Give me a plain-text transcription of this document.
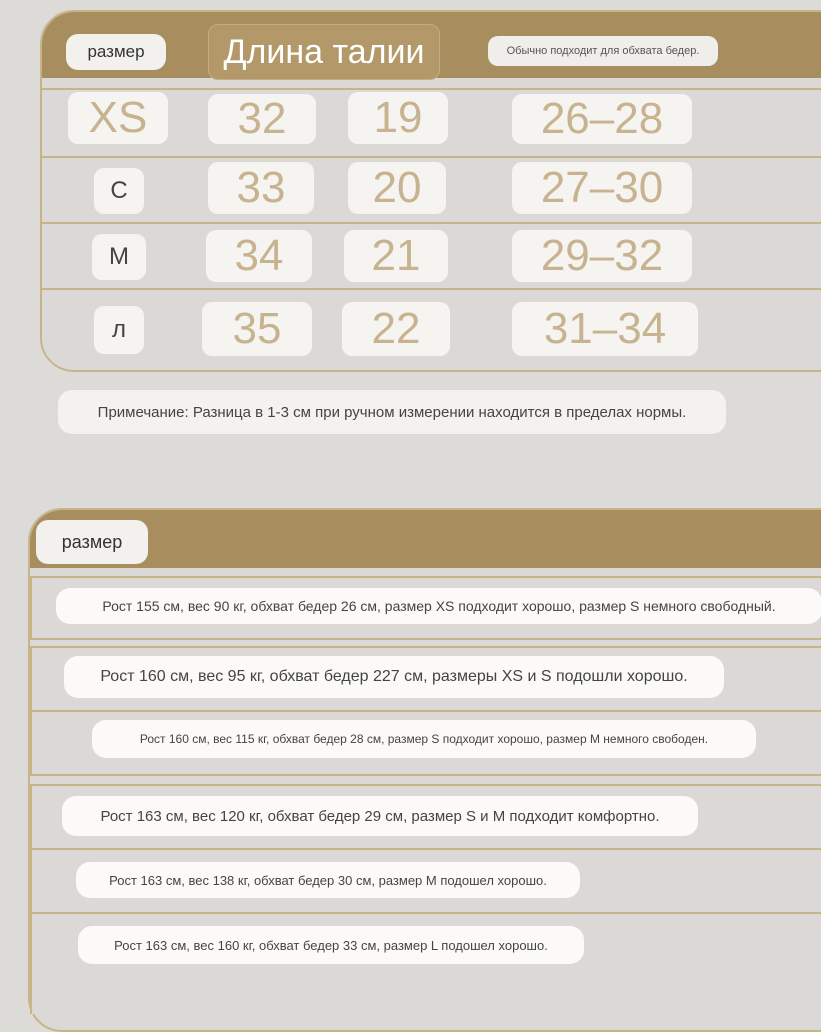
размер	Длина талии	Обычно подходит для обхвата бедер.
XS 32 19	26–28
С 33 20	27–30
M 34 21	29–32
л 35 22	31–34
Примечание: Разница в 1-3 см при ручном измерении находится в пределах нормы.
размер
Рост 155 см, вес 90 кг, обхват бедер 26 см, размер XS подходит хорошо, размер S немного свободный.
Рост 160 см, вес 95 кг, обхват бедер 227 см, размеры XS и S подошли хорошо.
Рост 160 см, вес 115 кг, обхват бедер 28 см, размер S подходит хорошо, размер M немного свободен.
Рост 163 см, вес 120 кг, обхват бедер 29 см, размер S и M подходит комфортно.
Рост 163 см, вес 138 кг, обхват бедер 30 см, размер M подошел хорошо.
Рост 163 см, вес 160 кг, обхват бедер 33 см, размер L подошел хорошо.
